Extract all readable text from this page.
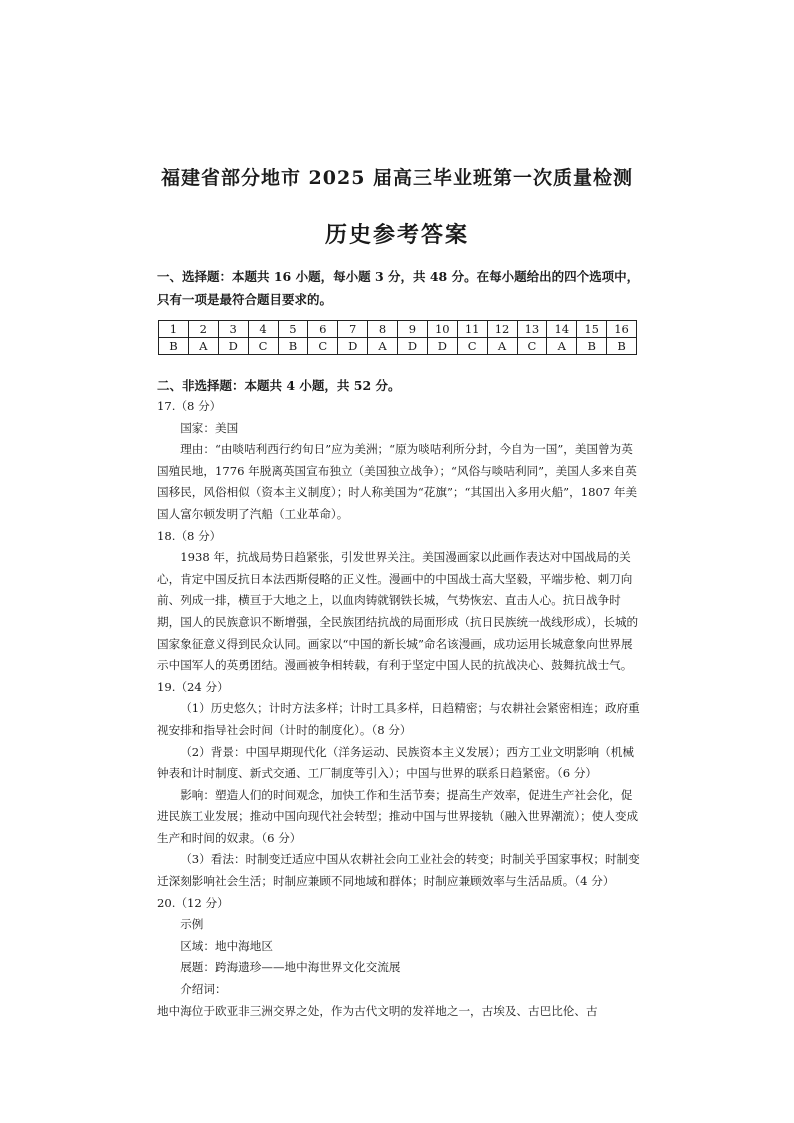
福建省部分地市 2025 届高三毕业班第一次质量检测
历史参考答案
一、选择题：本题共 16 小题，每小题 3 分，共 48 分。在每小题给出的四个选项中，只有一项是最符合题目要求的。
1	2	3	4	5	6	7	8	9	10	11	12	13	14	15	16
B	A	D	C	B	C	D	A	D	D	C	A	C	A	B	B
二、非选择题：本题共 4 小题，共 52 分。

17.（8 分）

国家：美国

理由：“由啖咭利西行约旬日”应为美洲；“原为啖咭利所分封，今自为一国”，美国曾为英国殖民地，1776 年脱离英国宣布独立（美国独立战争）；“风俗与啖咭利同”，美国人多来自英国移民，风俗相似（资本主义制度）；时人称美国为“花旗”；“其国出入多用火船”，1807 年美国人富尔顿发明了汽船（工业革命）。

18.（8 分）

1938 年，抗战局势日趋紧张，引发世界关注。美国漫画家以此画作表达对中国战局的关心，肯定中国反抗日本法西斯侵略的正义性。漫画中的中国战士高大坚毅，平端步枪、刺刀向前、列成一排，横亘于大地之上，以血肉铸就钢铁长城，气势恢宏、直击人心。抗日战争时期，国人的民族意识不断增强，全民族团结抗战的局面形成（抗日民族统一战线形成），长城的国家象征意义得到民众认同。画家以“中国的新长城”命名该漫画，成功运用长城意象向世界展示中国军人的英勇团结。漫画被争相转载，有利于坚定中国人民的抗战决心、鼓舞抗战士气。

19.（24 分）

（1）历史悠久；计时方法多样；计时工具多样，日趋精密；与农耕社会紧密相连；政府重视安排和指导社会时间（计时的制度化）。（8 分）

（2）背景：中国早期现代化（洋务运动、民族资本主义发展）；西方工业文明影响（机械钟表和计时制度、新式交通、工厂制度等引入）；中国与世界的联系日趋紧密。（6 分）

影响：塑造人们的时间观念，加快工作和生活节奏；提高生产效率，促进生产社会化，促进民族工业发展；推动中国向现代社会转型；推动中国与世界接轨（融入世界潮流）；使人变成生产和时间的奴隶。（6 分）

（3）看法：时制变迁适应中国从农耕社会向工业社会的转变；时制关乎国家事权；时制变迁深刻影响社会生活；时制应兼顾不同地域和群体；时制应兼顾效率与生活品质。（4 分）

20.（12 分）

示例

区域：地中海地区

展题：跨海遗珍——地中海世界文化交流展

介绍词：

地中海位于欧亚非三洲交界之处，作为古代文明的发祥地之一，古埃及、古巴比伦、古
